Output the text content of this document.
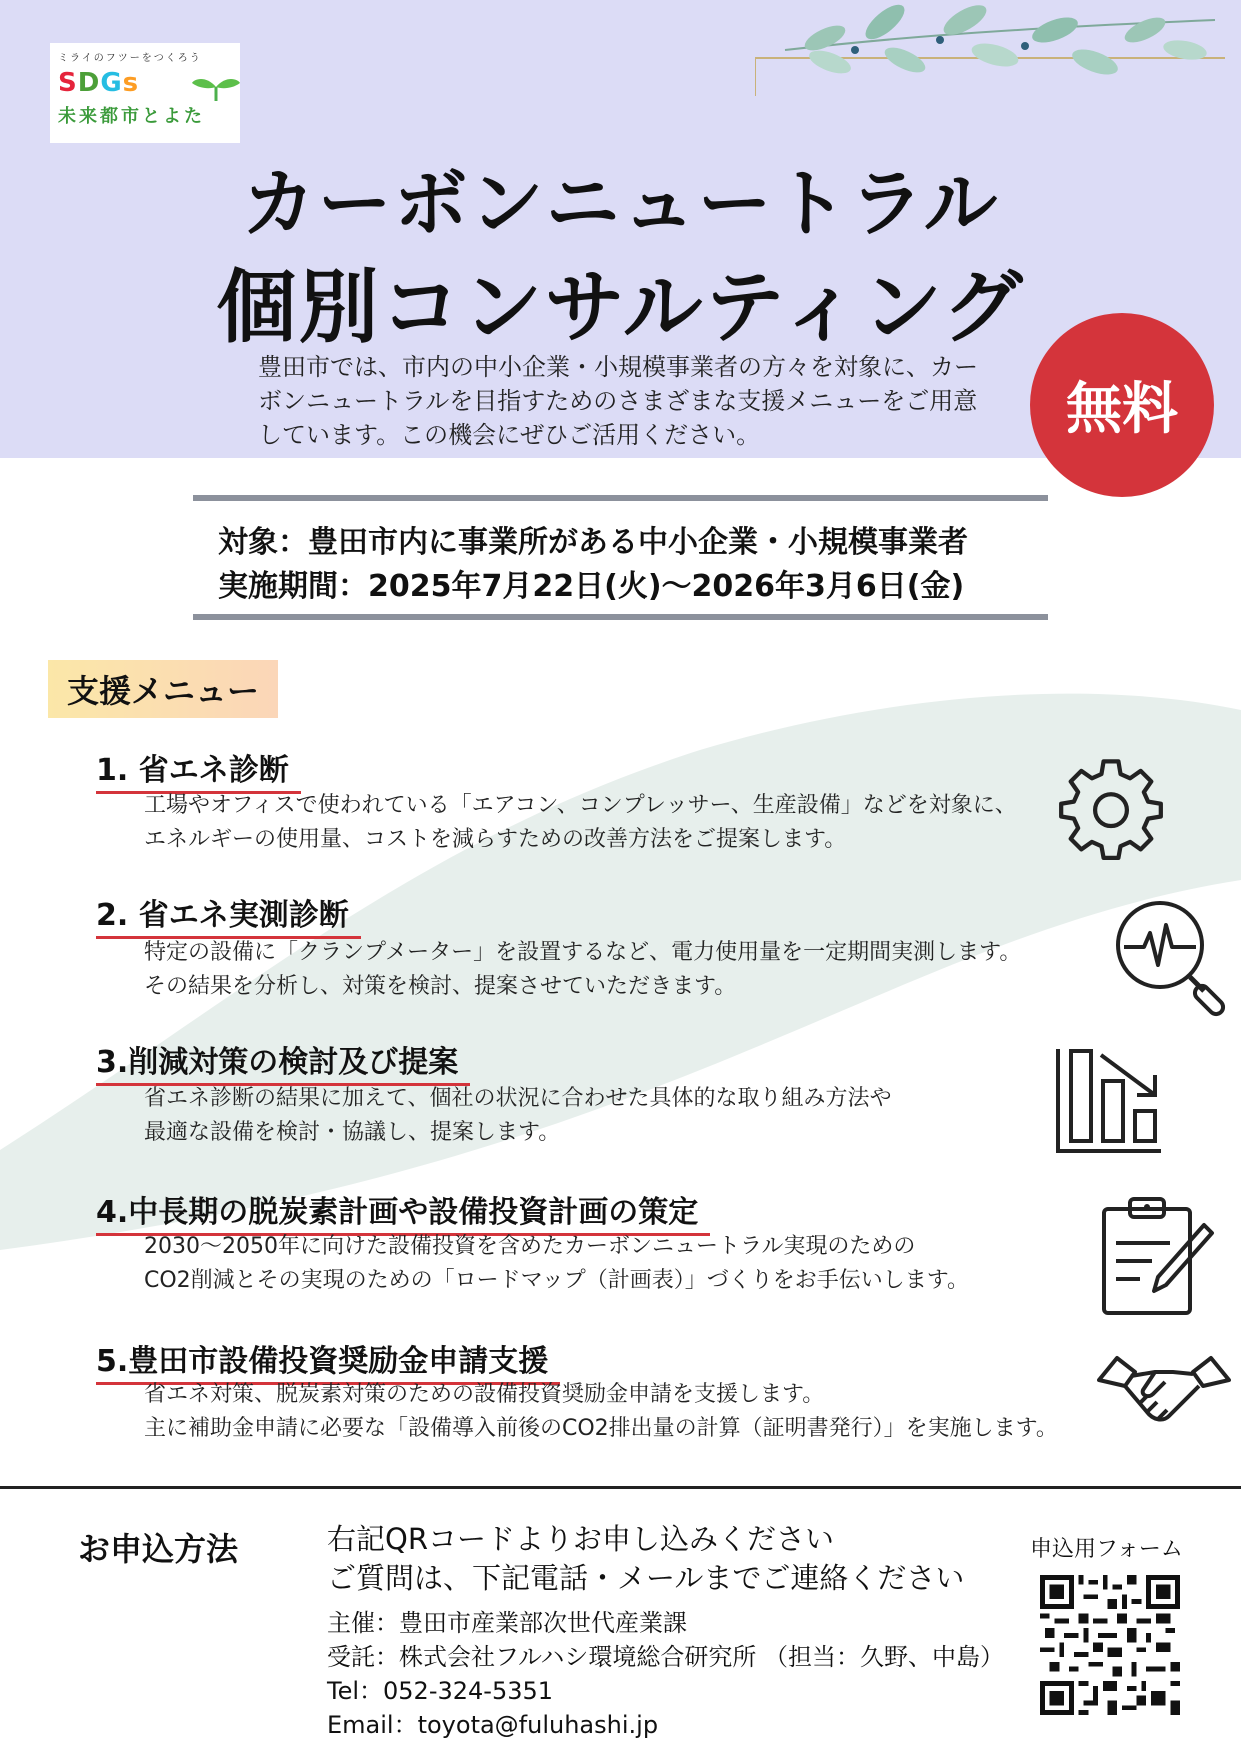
ミライのフツーをつくろう
SDGs
未来都市とよた
カーボンニュートラル
個別コンサルティング
豊田市では、市内の中小企業・小規模事業者の方々を対象に、カー
ボンニュートラルを目指すためのさまざまな支援メニューをご用意
しています。この機会にぜひご活用ください。	無料
対象：豊田市内に事業所がある中小企業・小規模事業者
実施期間：2025年7月22日(火)～2026年3月6日(金)
支援メニュー
1. 省エネ診断
工場やオフィスで使われている「エアコン、コンプレッサー、生産設備」などを対象に、
エネルギーの使用量、コストを減らすための改善方法をご提案します。
2. 省エネ実測診断
特定の設備に「クランプメーター」を設置するなど、電力使用量を一定期間実測します。
その結果を分析し、対策を検討、提案させていただきます。
3.削減対策の検討及び提案
省エネ診断の結果に加えて、個社の状況に合わせた具体的な取り組み方法や
最適な設備を検討・協議し、提案します。
4.中長期の脱炭素計画や設備投資計画の策定
2030～2050年に向けた設備投資を含めたカーボンニュートラル実現のための
CO2削減とその実現のための「ロードマップ（計画表）」づくりをお手伝いします。
5.豊田市設備投資奨励金申請支援
省エネ対策、脱炭素対策のための設備投資奨励金申請を支援します。
主に補助金申請に必要な「設備導入前後のCO2排出量の計算（証明書発行）」を実施します。
お申込方法	右記QRコードよりお申し込みください
ご質問は、下記電話・メールまでご連絡ください
主催：豊田市産業部次世代産業課
受託：株式会社フルハシ環境総合研究所 （担当：久野、中島）
Tel：052-324-5351
Email：toyota@fuluhashi.jp
申込用フォーム
